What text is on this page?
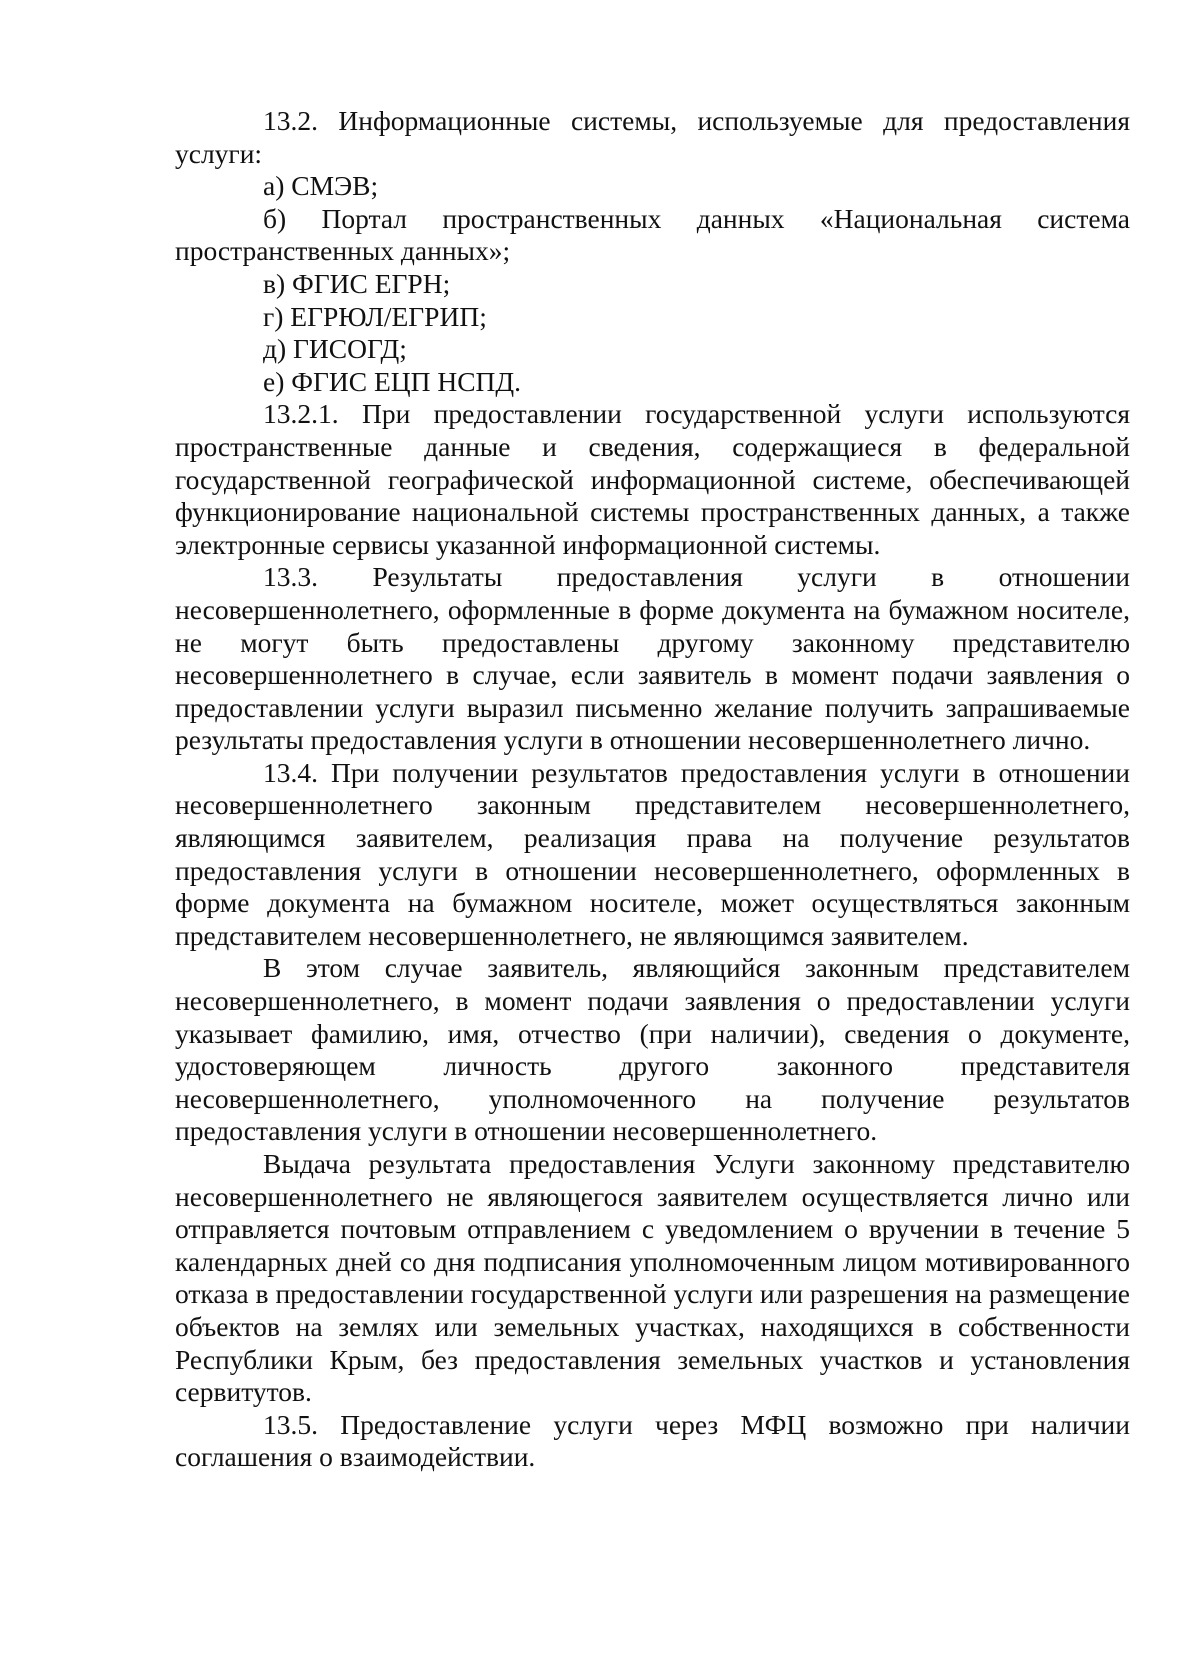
13.2. Информационные системы, используемые для предоставления услуги:

а) СМЭВ;

б) Портал пространственных данных «Национальная система пространственных данных»;

в) ФГИС ЕГРН;

г) ЕГРЮЛ/ЕГРИП;

д) ГИСОГД;

е) ФГИС ЕЦП НСПД.

13.2.1. При предоставлении государственной услуги используются пространственные данные и сведения, содержащиеся в федеральной государственной географической информационной системе, обеспечивающей функционирование национальной системы пространственных данных, а также электронные сервисы указанной информационной системы.

13.3. Результаты предоставления услуги в отношении несовершеннолетнего, оформленные в форме документа на бумажном носителе, не могут быть предоставлены другому законному представителю несовершеннолетнего в случае, если заявитель в момент подачи заявления о предоставлении услуги выразил письменно желание получить запрашиваемые результаты предоставления услуги в отношении несовершеннолетнего лично.

13.4. При получении результатов предоставления услуги в отношении несовершеннолетнего законным представителем несовершеннолетнего, являющимся заявителем, реализация права на получение результатов предоставления услуги в отношении несовершеннолетнего, оформленных в форме документа на бумажном носителе, может осуществляться законным представителем несовершеннолетнего, не являющимся заявителем.

В этом случае заявитель, являющийся законным представителем несовершеннолетнего, в момент подачи заявления о предоставлении услуги указывает фамилию, имя, отчество (при наличии), сведения о документе, удостоверяющем личность другого законного представителя несовершеннолетнего, уполномоченного на получение результатов предоставления услуги в отношении несовершеннолетнего.

Выдача результата предоставления Услуги законному представителю несовершеннолетнего не являющегося заявителем осуществляется лично или отправляется почтовым отправлением с уведомлением о вручении в течение 5 календарных дней со дня подписания уполномоченным лицом мотивированного отказа в предоставлении государственной услуги или разрешения на размещение объектов на землях или земельных участках, находящихся в собственности Республики Крым, без предоставления земельных участков и установления сервитутов.

13.5. Предоставление услуги через МФЦ возможно при наличии соглашения о взаимодействии.
